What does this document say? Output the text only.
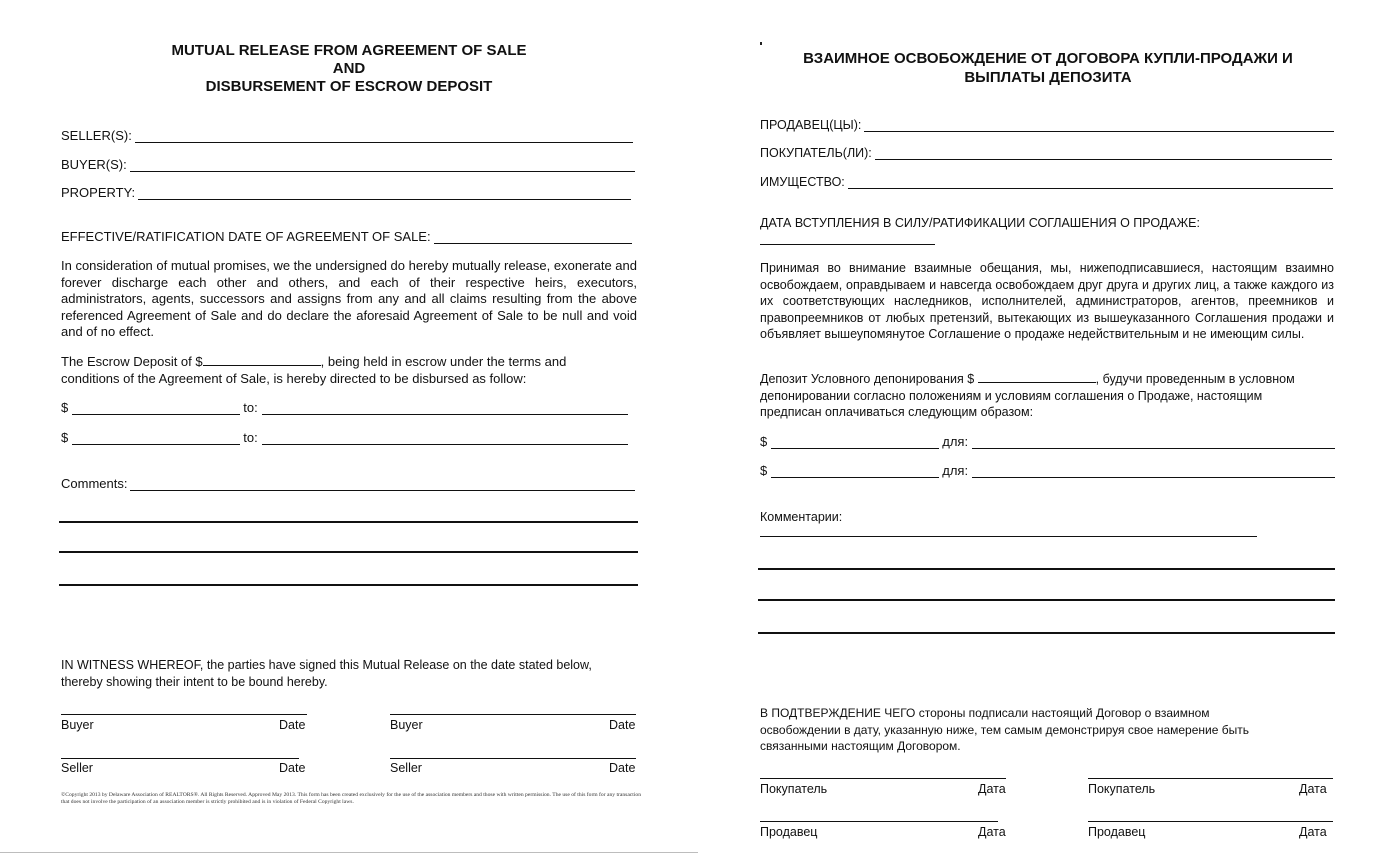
MUTUAL RELEASE FROM AGREEMENT OF SALE
AND
DISBURSEMENT OF ESCROW DEPOSIT
SELLER(S):
BUYER(S):
PROPERTY:
EFFECTIVE/RATIFICATION DATE OF AGREEMENT OF SALE:
In consideration of mutual promises, we the undersigned do hereby mutually release, exonerate and forever discharge each other and others, and each of their respective heirs, executors, administrators, agents, successors and assigns from any and all claims resulting from the above referenced Agreement of Sale and do declare the aforesaid Agreement of Sale to be null and void and of no effect.
The Escrow Deposit of $	, being held in escrow under the terms and
conditions of the Agreement of Sale, is hereby directed to be disbursed as follow:
$	to:
$	to:
Comments:
IN WITNESS WHEREOF, the parties have signed this Mutual Release on the date stated below,
thereby showing their intent to be bound hereby.
Buyer	Date	Buyer	Date
Seller	Date	Seller	Date
©Copyright 2013 by Delaware Association of REALTORS®. All Rights Reserved. Approved May 2013. This form has been created exclusively for the use of the association members and those with written permission. The use of this form for any transaction that does not involve the participation of an association member is strictly prohibited and is in violation of Federal Copyright laws.
ВЗАИМНОЕ ОСВОБОЖДЕНИЕ ОТ ДОГОВОРА КУПЛИ-ПРОДАЖИ И
ВЫПЛАТЫ ДЕПОЗИТА
ПРОДАВЕЦ(ЦЫ):
ПОКУПАТЕЛЬ(ЛИ):
ИМУЩЕСТВО:
ДАТА ВСТУПЛЕНИЯ В СИЛУ/РАТИФИКАЦИИ СОГЛАШЕНИЯ О ПРОДАЖЕ:
Принимая во внимание взаимные обещания, мы, нижеподписавшиеся, настоящим взаимно освобождаем, оправдываем и навсегда освобождаем друг друга и других лиц, а также каждого из их соответствующих наследников, исполнителей, администраторов, агентов, преемников и правопреемников от любых претензий, вытекающих из вышеуказанного Соглашения продажи и объявляет вышеупомянутое Соглашение о продаже недействительным и не имеющим силы.
Депозит Условного депонирования $	, будучи проведенным в условном
депонировании согласно положениям и условиям соглашения о Продаже, настоящим
предписан оплачиваться следующим образом:
$	для:
$	для:
Комментарии:
В ПОДТВЕРЖДЕНИЕ ЧЕГО стороны подписали настоящий Договор о взаимном
освобождении в дату, указанную ниже, тем самым демонстрируя свое намерение быть
связанными настоящим Договором.
Покупатель	Дата	Покупатель	Дата
Продавец	Дата	Продавец	Дата
